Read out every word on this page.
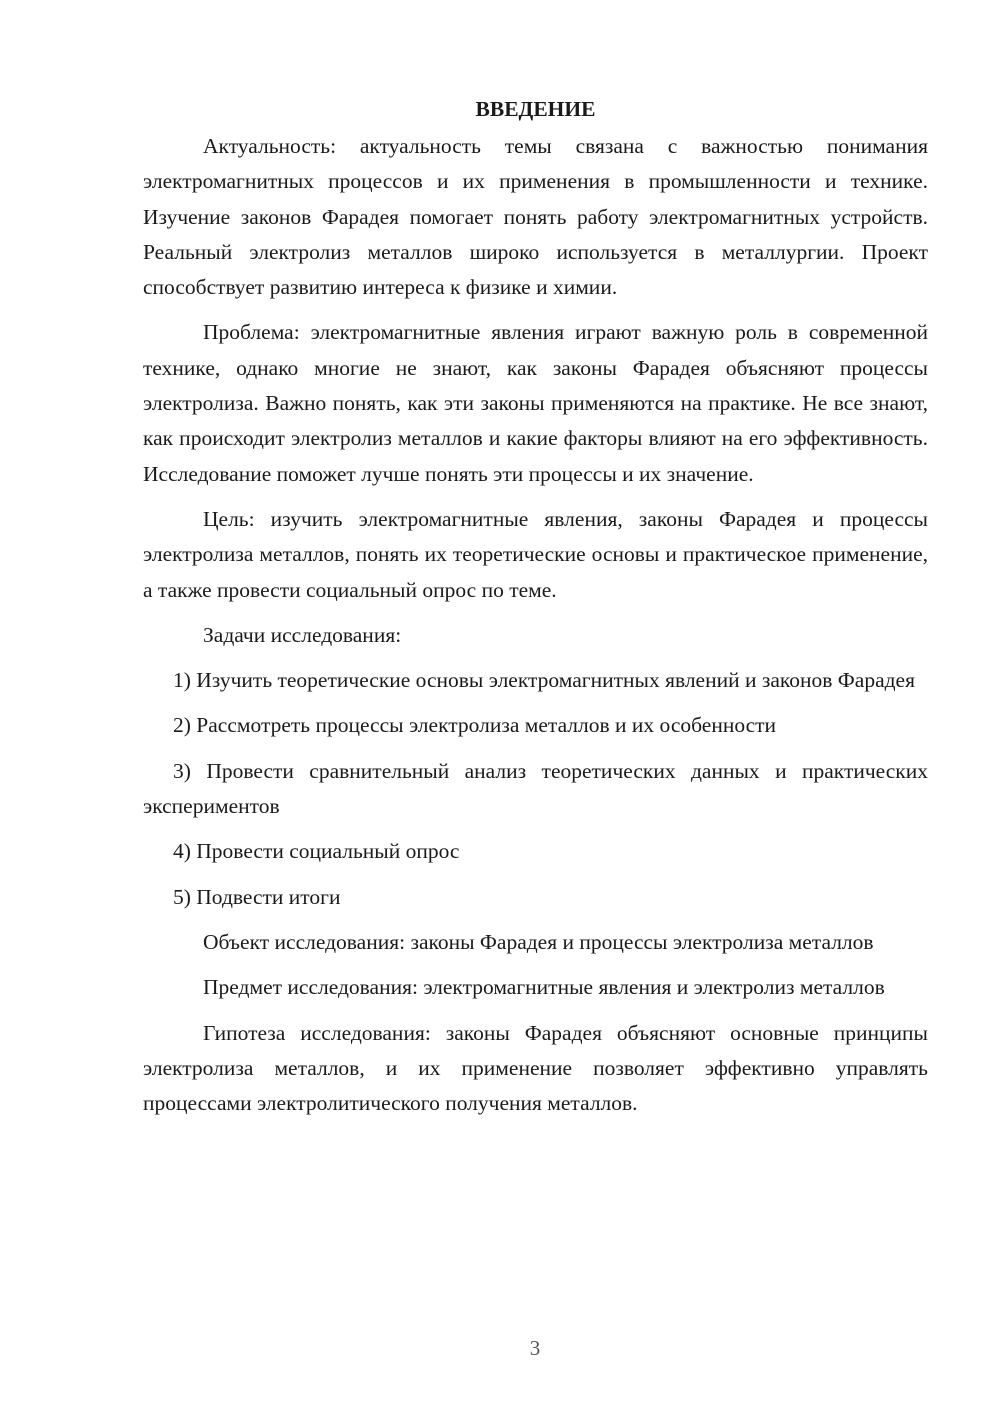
ВВЕДЕНИЕ

Актуальность: актуальность темы связана с важностью понимания электромагнитных процессов и их применения в промышленности и технике. Изучение законов Фарадея помогает понять работу электромагнитных устройств. Реальный электролиз металлов широко используется в металлургии. Проект способствует развитию интереса к физике и химии.

Проблема: электромагнитные явления играют важную роль в современной технике, однако многие не знают, как законы Фарадея объясняют процессы электролиза. Важно понять, как эти законы применяются на практике. Не все знают, как происходит электролиз металлов и какие факторы влияют на его эффективность. Исследование поможет лучше понять эти процессы и их значение.

Цель: изучить электромагнитные явления, законы Фарадея и процессы электролиза металлов, понять их теоретические основы и практическое применение, а также провести социальный опрос по теме.

Задачи исследования:

1) Изучить теоретические основы электромагнитных явлений и законов Фарадея

2) Рассмотреть процессы электролиза металлов и их особенности

3) Провести сравнительный анализ теоретических данных и практических экспериментов

4) Провести социальный опрос

5) Подвести итоги

Объект исследования: законы Фарадея и процессы электролиза металлов

Предмет исследования: электромагнитные явления и электролиз металлов

Гипотеза исследования: законы Фарадея объясняют основные принципы электролиза металлов, и их применение позволяет эффективно управлять процессами электролитического получения металлов.

3
